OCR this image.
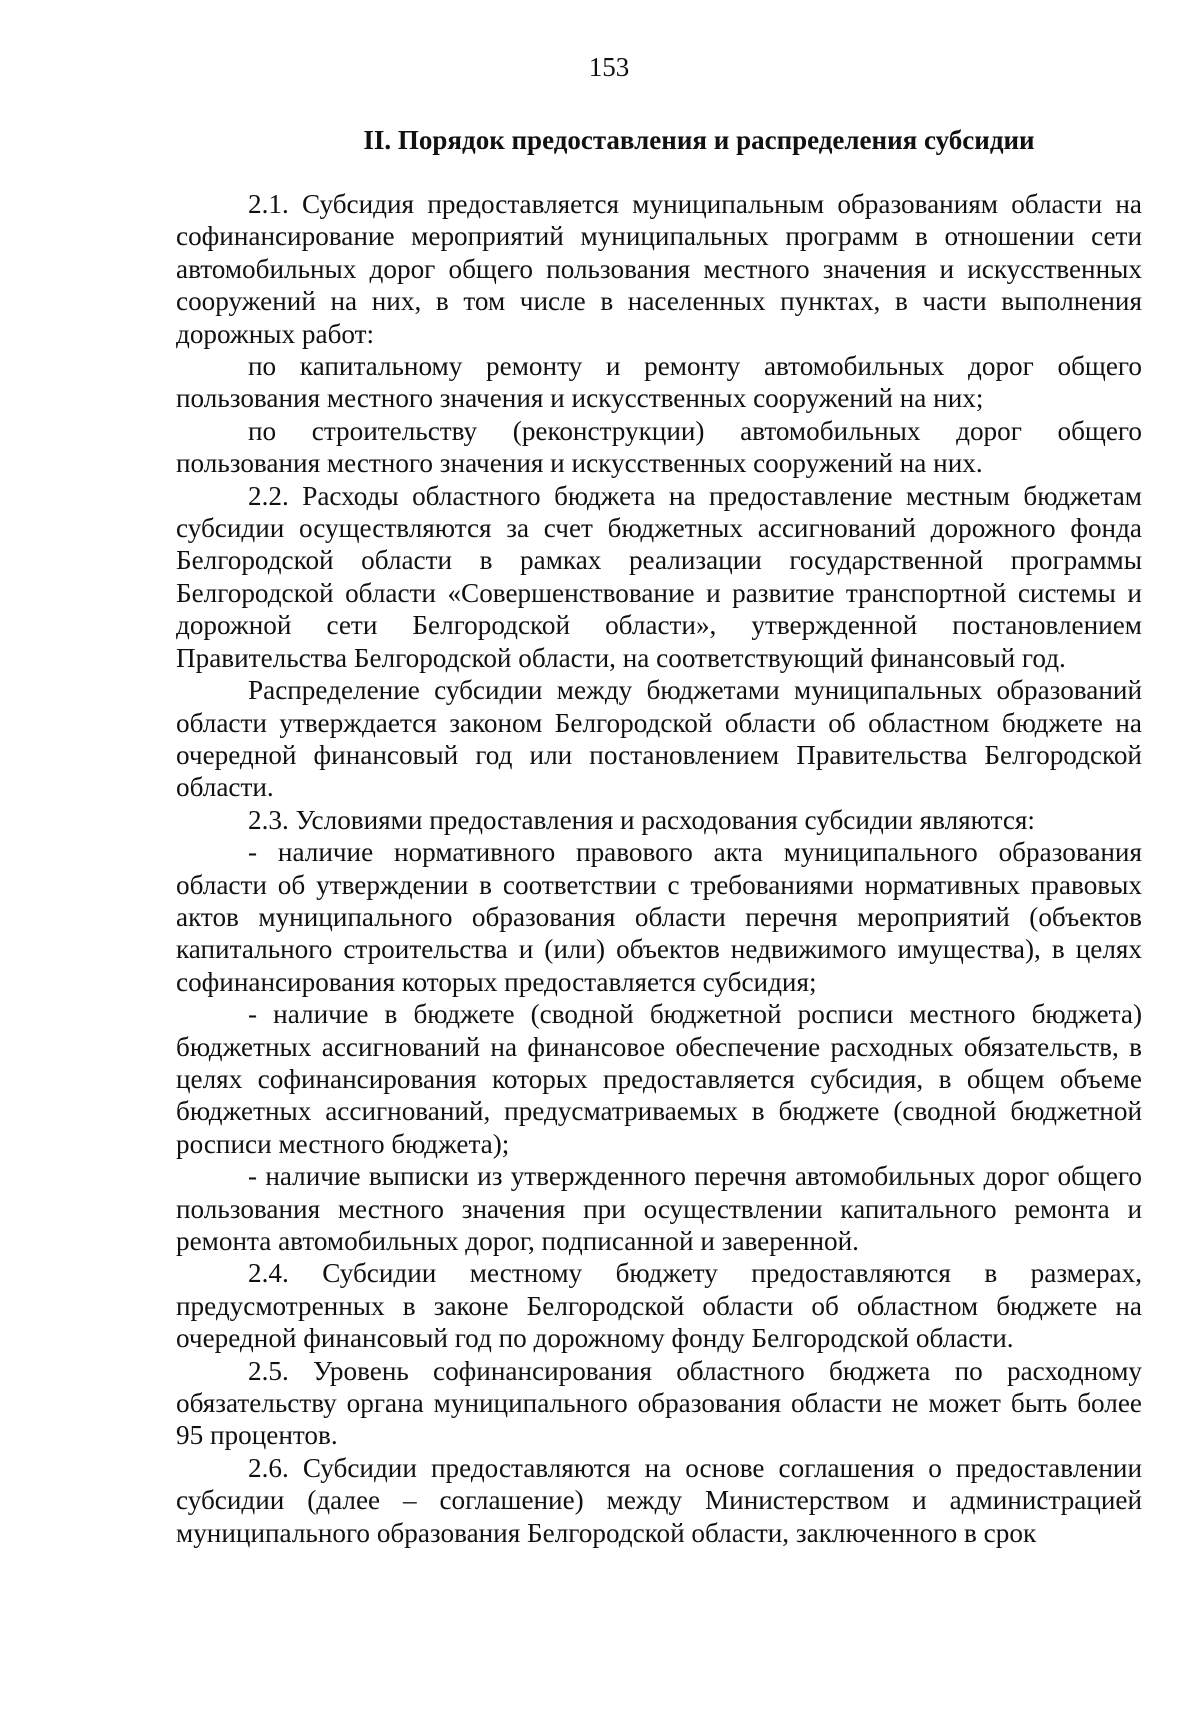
153
II. Порядок предоставления и распределения субсидии

2.1. Субсидия предоставляется муниципальным образованиям области на софинансирование мероприятий муниципальных программ в отношении сети автомобильных дорог общего пользования местного значения и искусственных сооружений на них, в том числе в населенных пунктах, в части выполнения дорожных работ:

по капитальному ремонту и ремонту автомобильных дорог общего пользования местного значения и искусственных сооружений на них;

по строительству (реконструкции) автомобильных дорог общего пользования местного значения и искусственных сооружений на них.

2.2. Расходы областного бюджета на предоставление местным бюджетам субсидии осуществляются за счет бюджетных ассигнований дорожного фонда Белгородской области в рамках реализации государственной программы Белгородской области «Совершенствование и развитие транспортной системы и дорожной сети Белгородской области», утвержденной постановлением Правительства Белгородской области, на соответствующий финансовый год.

Распределение субсидии между бюджетами муниципальных образований области утверждается законом Белгородской области об областном бюджете на очередной финансовый год или постановлением Правительства Белгородской области.

2.3. Условиями предоставления и расходования субсидии являются:

- наличие нормативного правового акта муниципального образования области об утверждении в соответствии с требованиями нормативных правовых актов муниципального образования области перечня мероприятий (объектов капитального строительства и (или) объектов недвижимого имущества), в целях софинансирования которых предоставляется субсидия;

- наличие в бюджете (сводной бюджетной росписи местного бюджета) бюджетных ассигнований на финансовое обеспечение расходных обязательств, в целях софинансирования которых предоставляется субсидия, в общем объеме бюджетных ассигнований, предусматриваемых в бюджете (сводной бюджетной росписи местного бюджета);

- наличие выписки из утвержденного перечня автомобильных дорог общего пользования местного значения при осуществлении капитального ремонта и ремонта автомобильных дорог, подписанной и заверенной.

2.4. Субсидии местному бюджету предоставляются в размерах, предусмотренных в законе Белгородской области об областном бюджете на очередной финансовый год по дорожному фонду Белгородской области.

2.5. Уровень софинансирования областного бюджета по расходному обязательству органа муниципального образования области не может быть более 95 процентов.

2.6. Субсидии предоставляются на основе соглашения о предоставлении субсидии (далее – соглашение) между Министерством и администрацией муниципального образования Белгородской области, заключенного в срок
